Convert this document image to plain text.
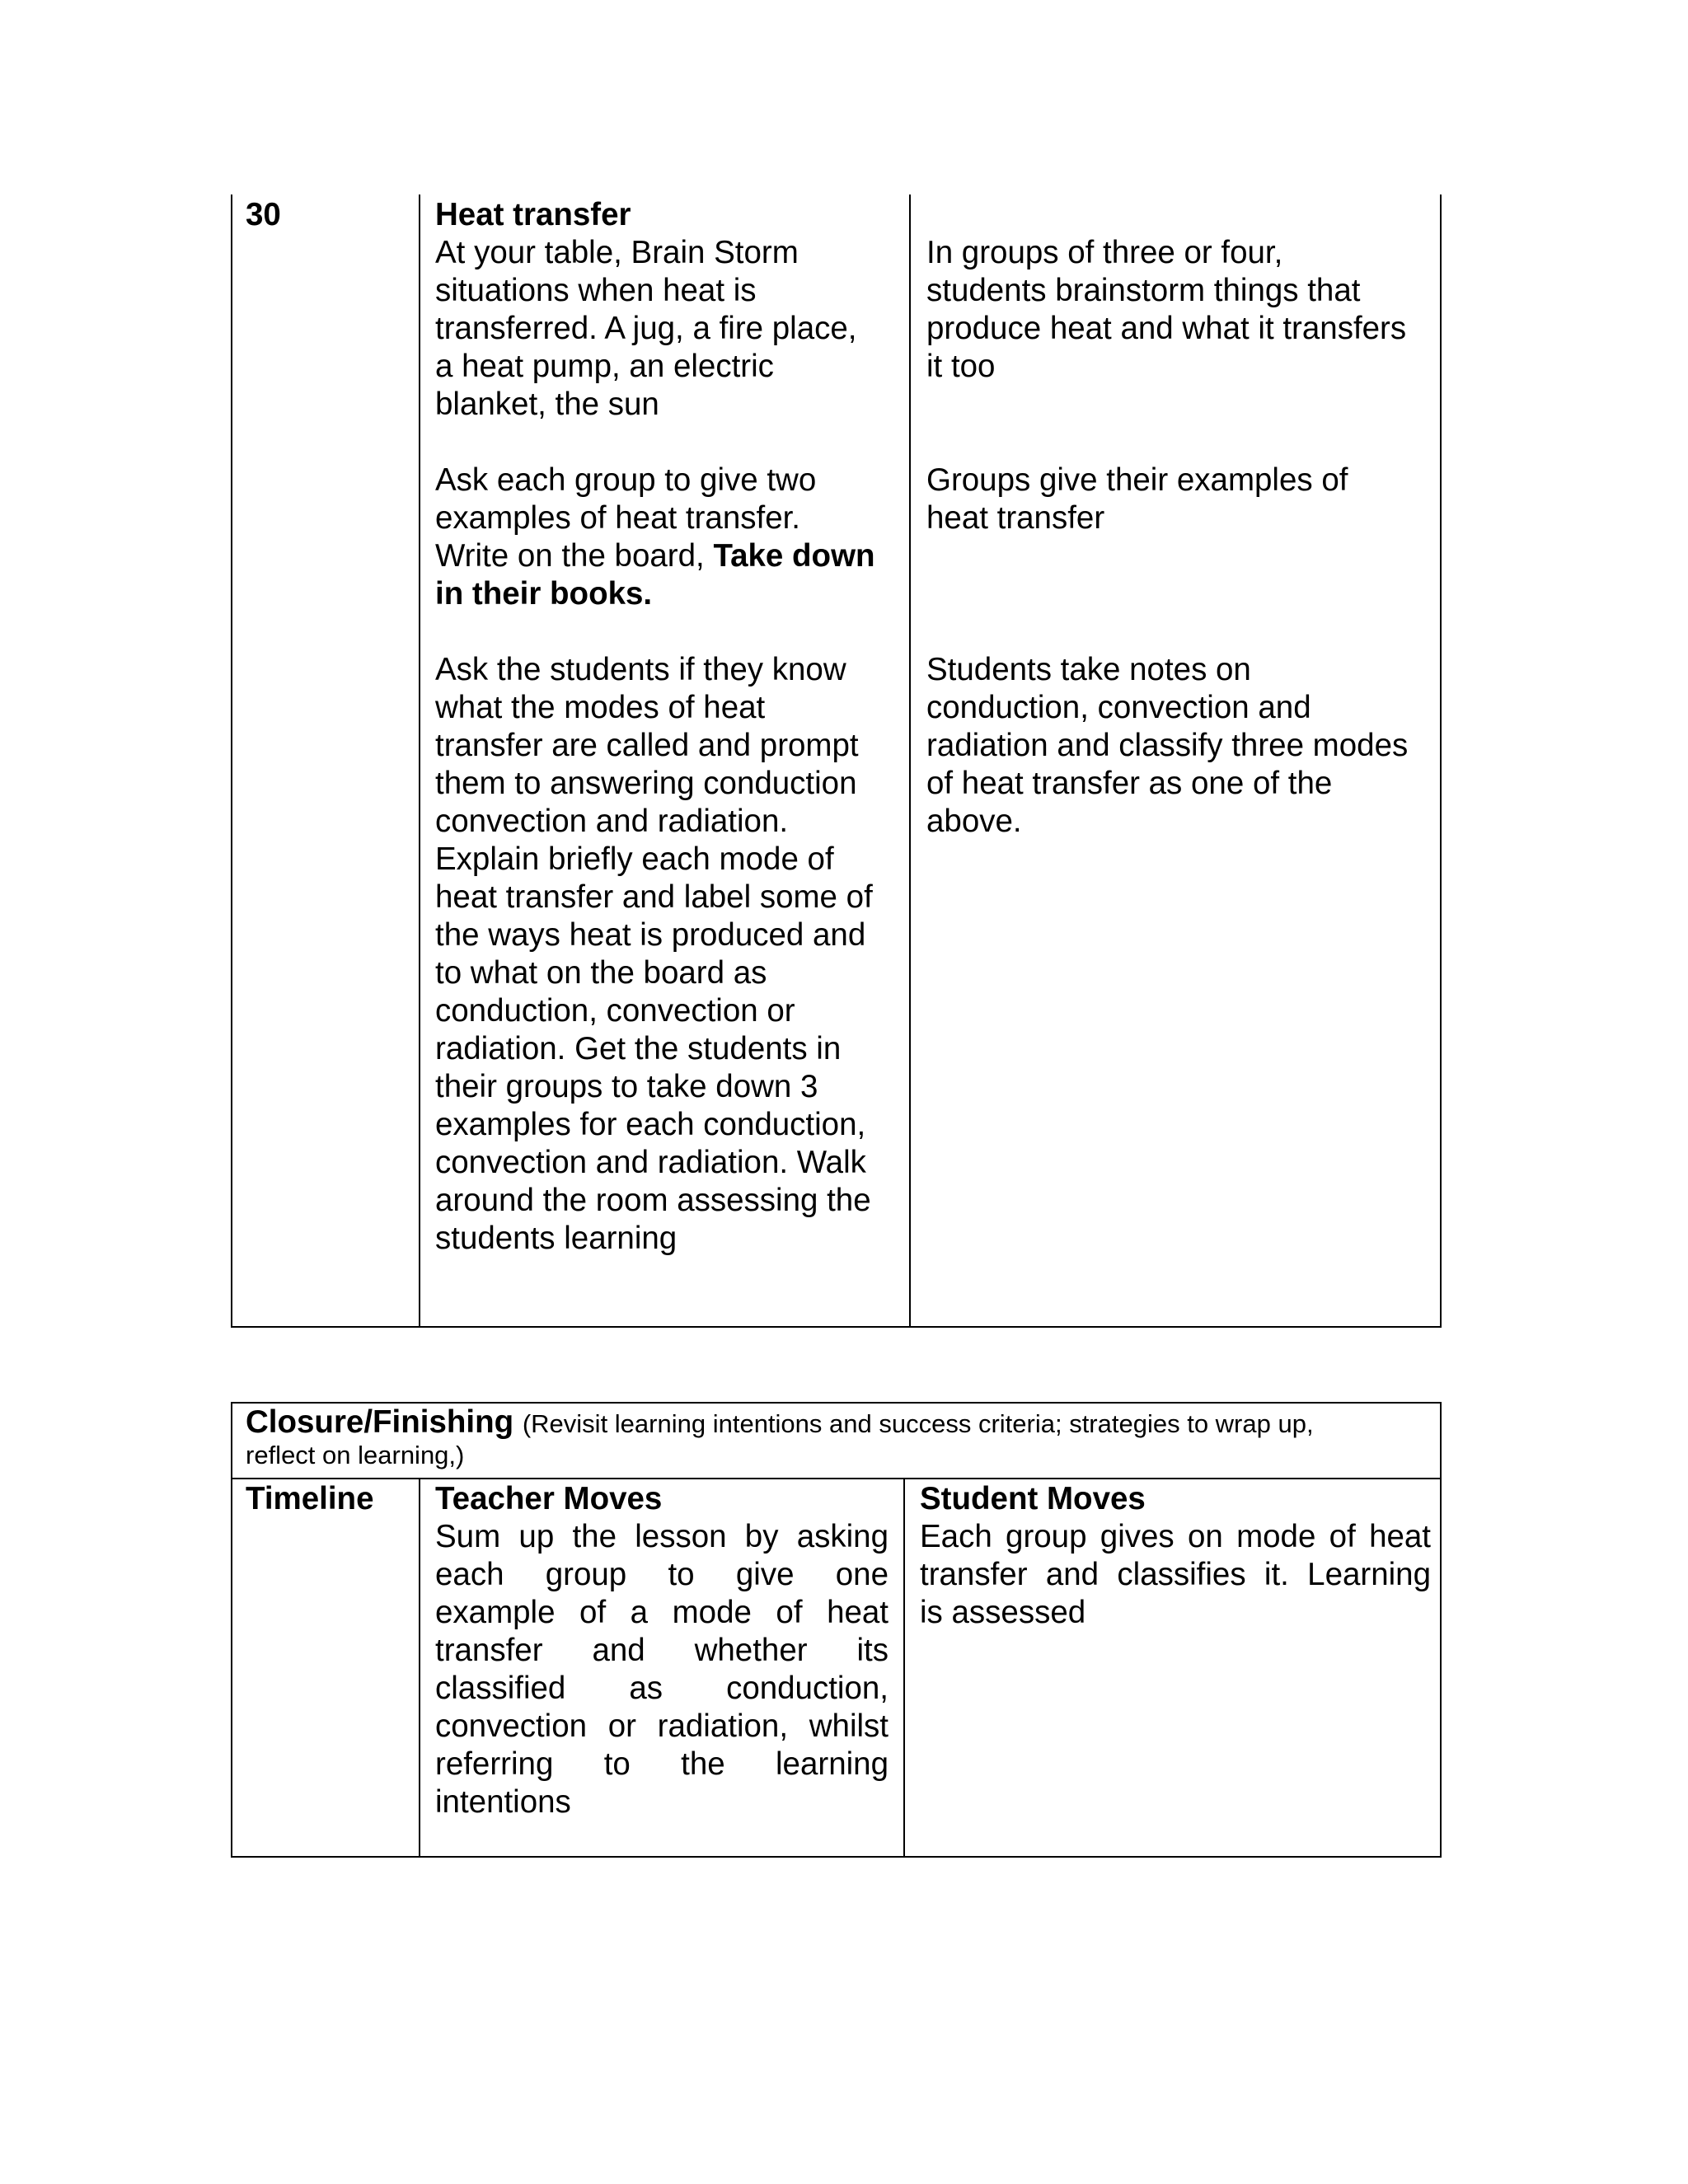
30	Heat transfer
At your table, Brain Storm
situations when heat is
transferred. A jug, a fire place,
a heat pump, an electric
blanket, the sun
Ask each group to give two
examples of heat transfer.
Write on the board, Take down
in their books.
Ask the students if they know
what the modes of heat
transfer are called and prompt
them to answering conduction
convection and radiation.
Explain briefly each mode of
heat transfer and label some of
the ways heat is produced and
to what on the board as
conduction, convection or
radiation. Get the students in
their groups to take down 3
examples for each conduction,
convection and radiation. Walk
around the room assessing the
students learning
In groups of three or four,
students brainstorm things that
produce heat and what it transfers
it too
Groups give their examples of
heat transfer
Students take notes on
conduction, convection and
radiation and classify three modes
of heat transfer as one of the
above.
Closure/Finishing (Revisit learning intentions and success criteria; strategies to wrap up,
reflect on learning,)
Timeline Teacher Moves
Sum up the lesson by asking
each group to give one
example of a mode of heat
transfer and whether its
classified as conduction,
convection or radiation, whilst
referring to the learning
intentions
Student Moves
Each group gives on mode of heat
transfer and classifies it. Learning
is assessed
